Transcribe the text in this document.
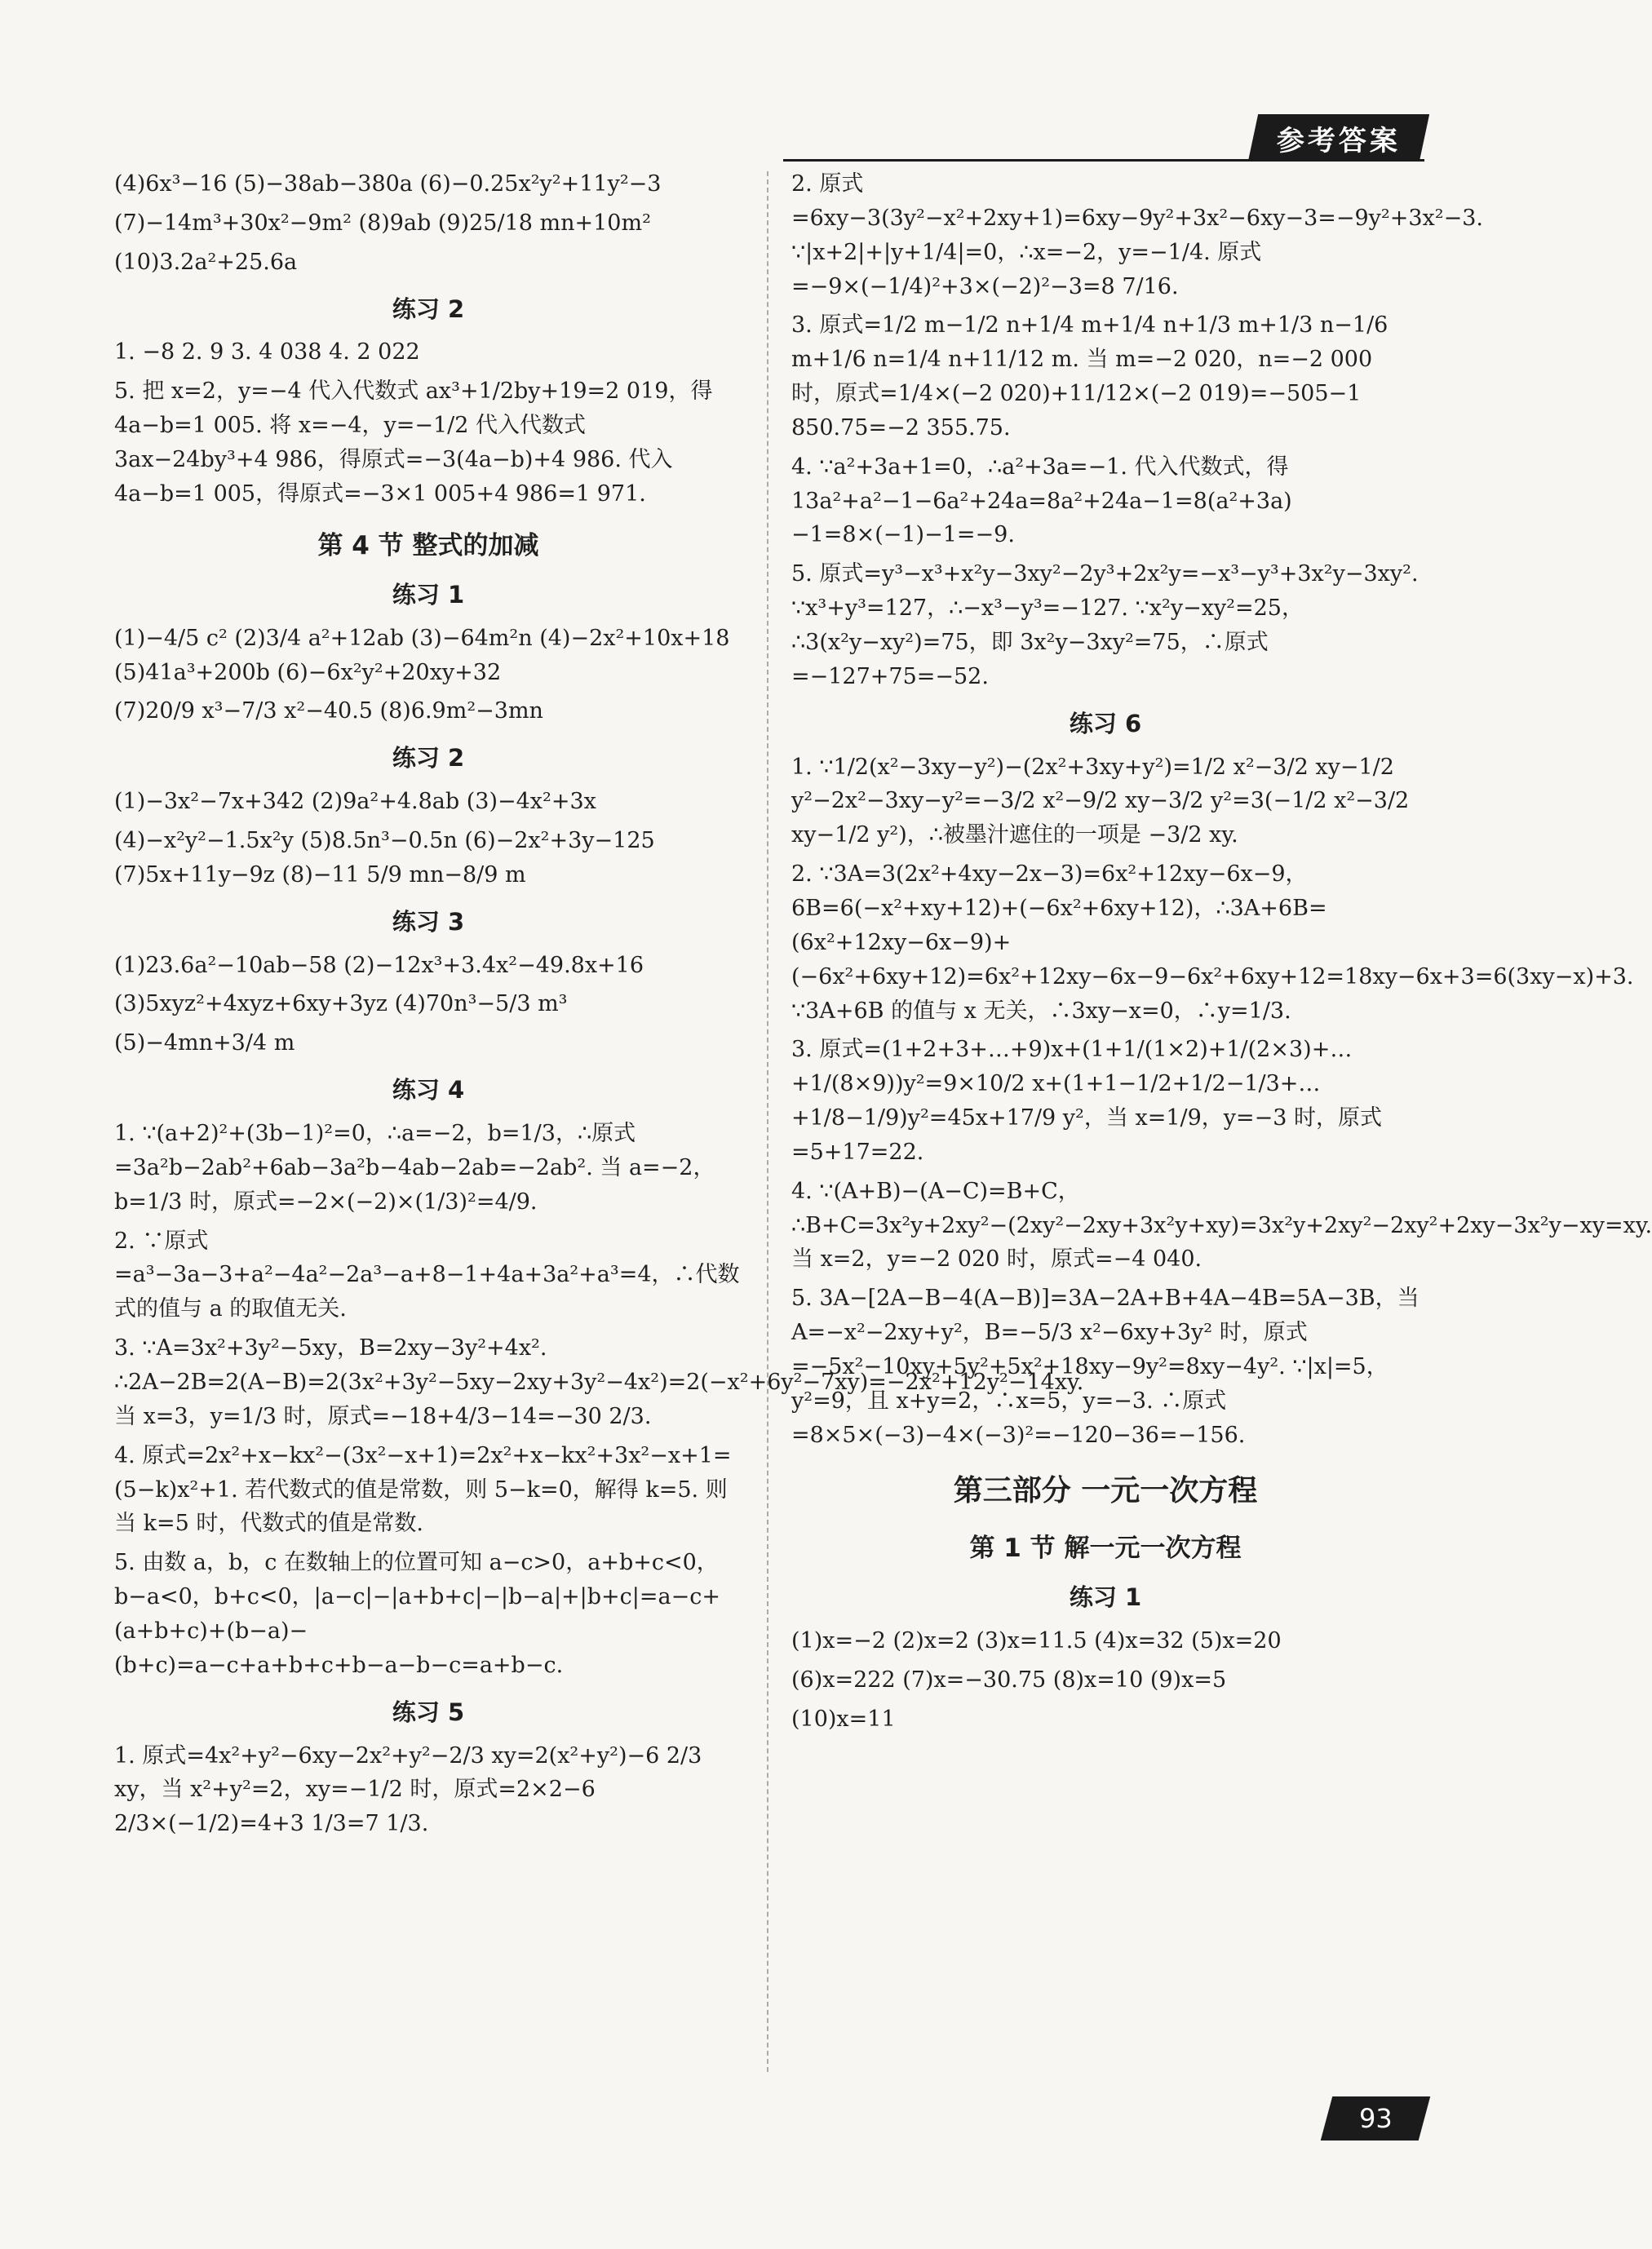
参考答案
(4)6x³−16 (5)−38ab−380a (6)−0.25x²y²+11y²−3
(7)−14m³+30x²−9m² (8)9ab (9)25/18 mn+10m²
(10)3.2a²+25.6a
练习 2
1. −8 2. 9 3. 4 038 4. 2 022
5. 把 x=2，y=−4 代入代数式 ax³+1/2by+19=2 019，得 4a−b=1 005. 将 x=−4，y=−1/2 代入代数式 3ax−24by³+4 986，得原式=−3(4a−b)+4 986. 代入 4a−b=1 005，得原式=−3×1 005+4 986=1 971.
第 4 节 整式的加减
练习 1
(1)−4/5 c² (2)3/4 a²+12ab (3)−64m²n (4)−2x²+10x+18 (5)41a³+200b (6)−6x²y²+20xy+32
(7)20/9 x³−7/3 x²−40.5 (8)6.9m²−3mn
练习 2
(1)−3x²−7x+342 (2)9a²+4.8ab (3)−4x²+3x
(4)−x²y²−1.5x²y (5)8.5n³−0.5n (6)−2x²+3y−125 (7)5x+11y−9z (8)−11 5/9 mn−8/9 m
练习 3
(1)23.6a²−10ab−58 (2)−12x³+3.4x²−49.8x+16
(3)5xyz²+4xyz+6xy+3yz (4)70n³−5/3 m³
(5)−4mn+3/4 m
练习 4
1. ∵(a+2)²+(3b−1)²=0，∴a=−2，b=1/3，∴原式=3a²b−2ab²+6ab−3a²b−4ab−2ab=−2ab². 当 a=−2，b=1/3 时，原式=−2×(−2)×(1/3)²=4/9.
2. ∵原式=a³−3a−3+a²−4a²−2a³−a+8−1+4a+3a²+a³=4，∴代数式的值与 a 的取值无关.
3. ∵A=3x²+3y²−5xy，B=2xy−3y²+4x². ∴2A−2B=2(A−B)=2(3x²+3y²−5xy−2xy+3y²−4x²)=2(−x²+6y²−7xy)=−2x²+12y²−14xy. 当 x=3，y=1/3 时，原式=−18+4/3−14=−30 2/3.
4. 原式=2x²+x−kx²−(3x²−x+1)=2x²+x−kx²+3x²−x+1=(5−k)x²+1. 若代数式的值是常数，则 5−k=0，解得 k=5. 则当 k=5 时，代数式的值是常数.
5. 由数 a，b，c 在数轴上的位置可知 a−c>0，a+b+c<0，b−a<0，b+c<0，|a−c|−|a+b+c|−|b−a|+|b+c|=a−c+(a+b+c)+(b−a)−(b+c)=a−c+a+b+c+b−a−b−c=a+b−c.
练习 5
1. 原式=4x²+y²−6xy−2x²+y²−2/3 xy=2(x²+y²)−6 2/3 xy，当 x²+y²=2，xy=−1/2 时，原式=2×2−6 2/3×(−1/2)=4+3 1/3=7 1/3.
2. 原式=6xy−3(3y²−x²+2xy+1)=6xy−9y²+3x²−6xy−3=−9y²+3x²−3. ∵|x+2|+|y+1/4|=0，∴x=−2，y=−1/4. 原式=−9×(−1/4)²+3×(−2)²−3=8 7/16.
3. 原式=1/2 m−1/2 n+1/4 m+1/4 n+1/3 m+1/3 n−1/6 m+1/6 n=1/4 n+11/12 m. 当 m=−2 020，n=−2 000 时，原式=1/4×(−2 020)+11/12×(−2 019)=−505−1 850.75=−2 355.75.
4. ∵a²+3a+1=0，∴a²+3a=−1. 代入代数式，得 13a²+a²−1−6a²+24a=8a²+24a−1=8(a²+3a)−1=8×(−1)−1=−9.
5. 原式=y³−x³+x²y−3xy²−2y³+2x²y=−x³−y³+3x²y−3xy². ∵x³+y³=127，∴−x³−y³=−127. ∵x²y−xy²=25，∴3(x²y−xy²)=75，即 3x²y−3xy²=75，∴原式=−127+75=−52.
练习 6
1. ∵1/2(x²−3xy−y²)−(2x²+3xy+y²)=1/2 x²−3/2 xy−1/2 y²−2x²−3xy−y²=−3/2 x²−9/2 xy−3/2 y²=3(−1/2 x²−3/2 xy−1/2 y²)，∴被墨汁遮住的一项是 −3/2 xy.
2. ∵3A=3(2x²+4xy−2x−3)=6x²+12xy−6x−9，6B=6(−x²+xy+12)+(−6x²+6xy+12)，∴3A+6B=(6x²+12xy−6x−9)+(−6x²+6xy+12)=6x²+12xy−6x−9−6x²+6xy+12=18xy−6x+3=6(3xy−x)+3. ∵3A+6B 的值与 x 无关，∴3xy−x=0，∴y=1/3.
3. 原式=(1+2+3+…+9)x+(1+1/(1×2)+1/(2×3)+…+1/(8×9))y²=9×10/2 x+(1+1−1/2+1/2−1/3+…+1/8−1/9)y²=45x+17/9 y²，当 x=1/9，y=−3 时，原式=5+17=22.
4. ∵(A+B)−(A−C)=B+C，∴B+C=3x²y+2xy²−(2xy²−2xy+3x²y+xy)=3x²y+2xy²−2xy²+2xy−3x²y−xy=xy. 当 x=2，y=−2 020 时，原式=−4 040.
5. 3A−[2A−B−4(A−B)]=3A−2A+B+4A−4B=5A−3B，当 A=−x²−2xy+y²，B=−5/3 x²−6xy+3y² 时，原式=−5x²−10xy+5y²+5x²+18xy−9y²=8xy−4y². ∵|x|=5，y²=9，且 x+y=2，∴x=5，y=−3. ∴原式=8×5×(−3)−4×(−3)²=−120−36=−156.
第三部分 一元一次方程
第 1 节 解一元一次方程
练习 1
(1)x=−2 (2)x=2 (3)x=11.5 (4)x=32 (5)x=20
(6)x=222 (7)x=−30.75 (8)x=10 (9)x=5
(10)x=11
93
